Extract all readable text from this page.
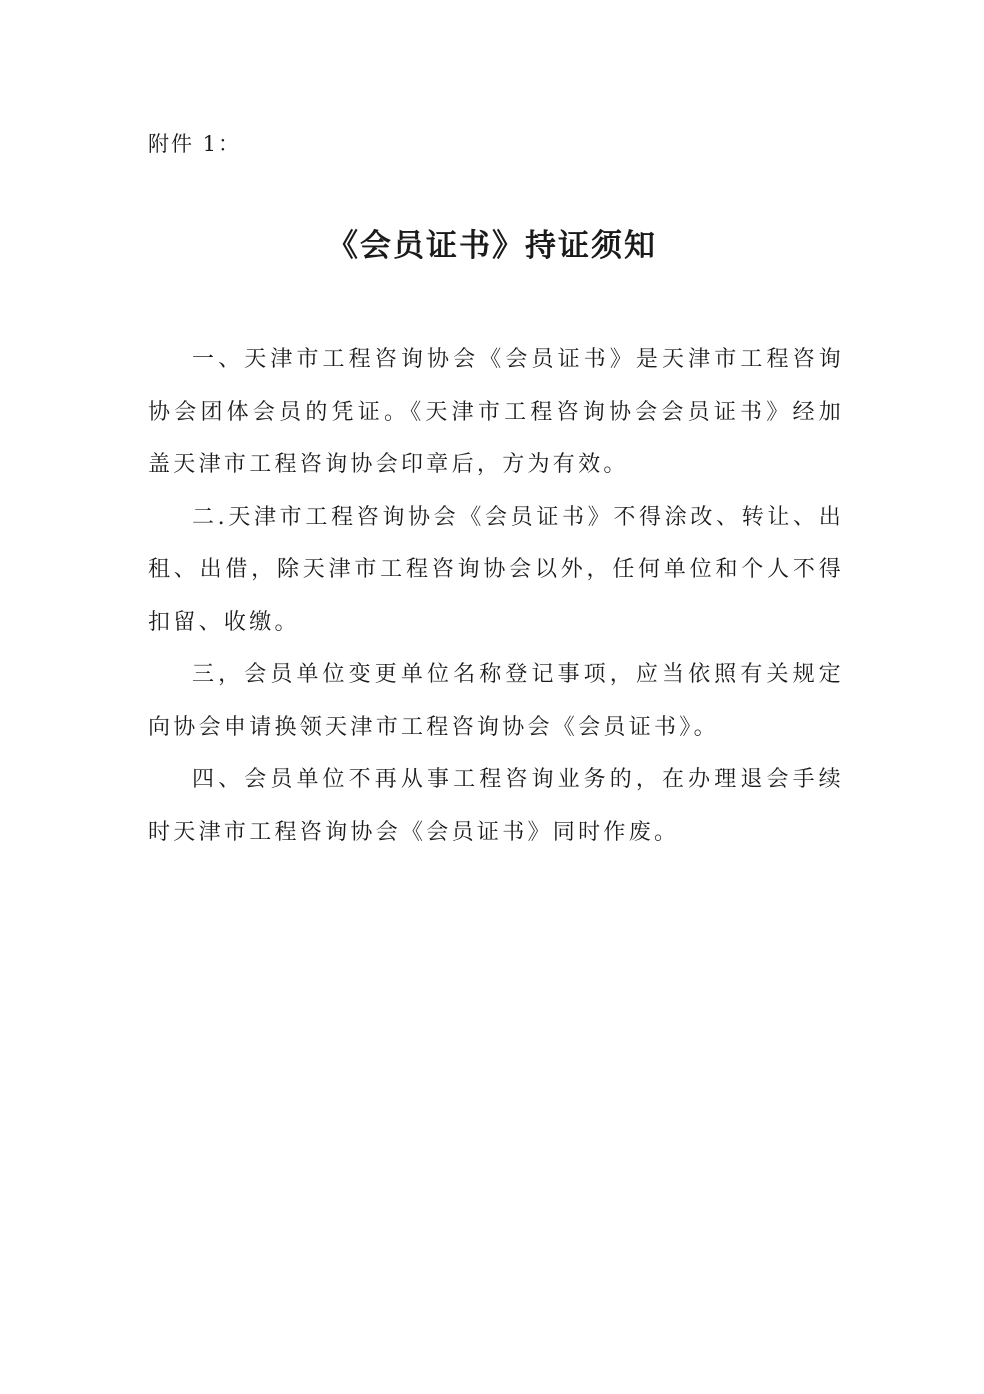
附件 1：
《会员证书》持证须知

一、天津市工程咨询协会《会员证书》是天津市工程咨询协会团体会员的凭证。《天津市工程咨询协会会员证书》经加盖天津市工程咨询协会印章后，方为有效。

二.天津市工程咨询协会《会员证书》不得涂改、转让、出租、出借，除天津市工程咨询协会以外，任何单位和个人不得扣留、收缴。

三，会员单位变更单位名称登记事项，应当依照有关规定向协会申请换领天津市工程咨询协会《会员证书》。

四、会员单位不再从事工程咨询业务的，在办理退会手续时天津市工程咨询协会《会员证书》同时作废。
